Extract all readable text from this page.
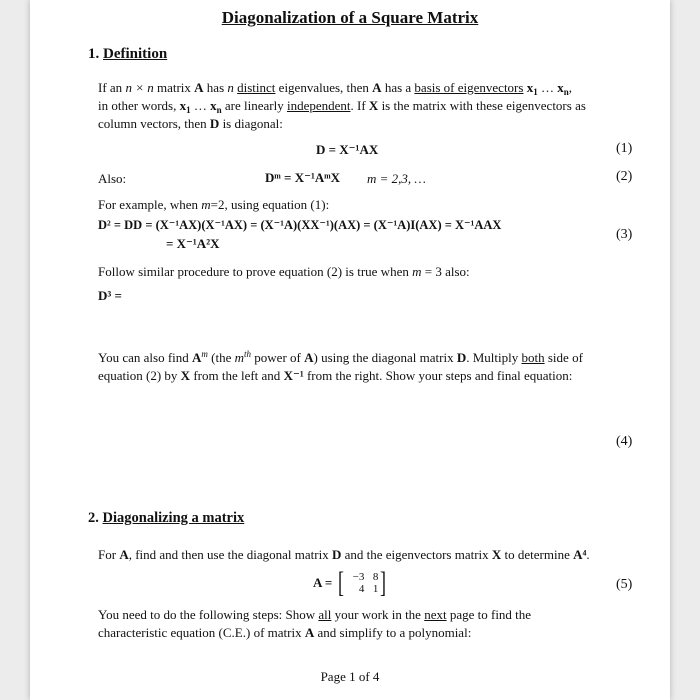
Diagonalization of a Square Matrix
1. Definition
If an n × n matrix A has n distinct eigenvalues, then A has a basis of eigenvectors $x_1$ … $x_n$,
in other words, $x_1$ … $x_n$ are linearly independent. If X is the matrix with these eigenvectors as
column vectors, then D is diagonal:
D = X⁻¹AX	(1)
Also:	Dᵐ = X⁻¹AᵐX m = 2,3, …	(2)
For example, when m=2, using equation (1):
D² = DD = (X⁻¹AX)(X⁻¹AX) = (X⁻¹A)(XX⁻¹)(AX) = (X⁻¹A)I(AX) = X⁻¹AAX
= X⁻¹A²X
(3)
Follow similar procedure to prove equation (2) is true when m = 3 also:
D³ =
You can also find $A^m$ (the $m^{th}$ power of A) using the diagonal matrix D. Multiply both side of
equation (2) by X from the left and X⁻¹ from the right. Show your steps and final equation:
(4)
2. Diagonalizing a matrix
For A, find and then use the diagonal matrix D and the eigenvectors matrix X to determine A⁴.
A = [ −3 8
4 1 ]	(5)
You need to do the following steps: Show all your work in the next page to find the
characteristic equation (C.E.) of matrix A and simplify to a polynomial:
Page 1 of 4
